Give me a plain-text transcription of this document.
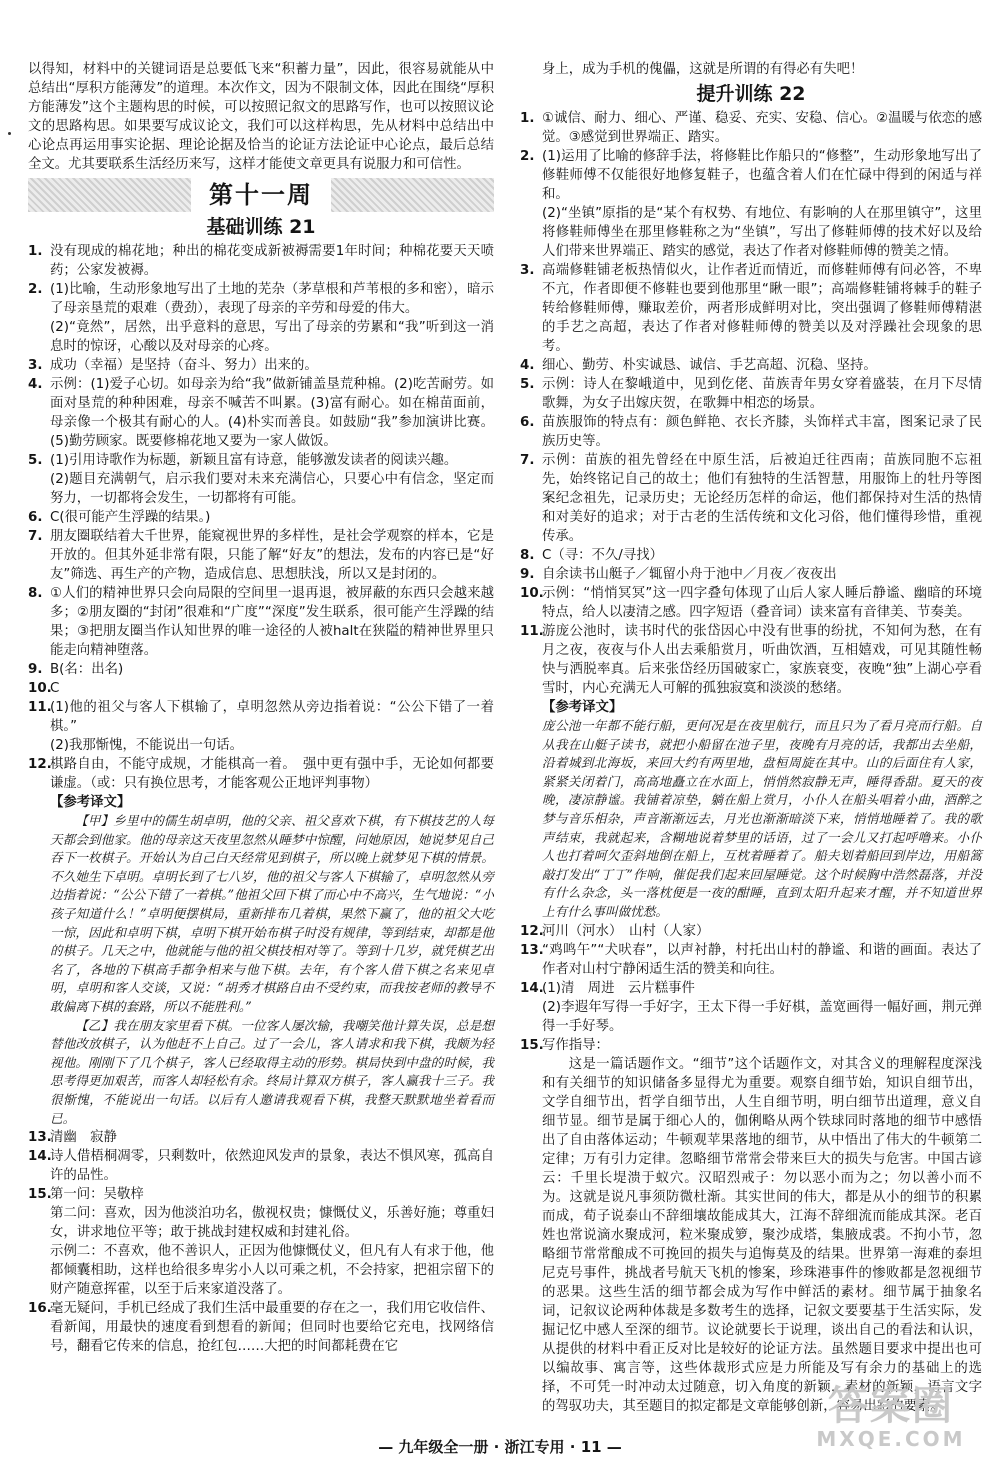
以得知，材料中的关键词语是总要低飞来“积蓄力量”，因此，很容易就能从中总结出“厚积方能薄发”的道理。本次作文，因为不限制文体，因此在围绕“厚积方能薄发”这个主题构思的时候，可以按照记叙文的思路写作，也可以按照议论文的思路构思。如果要写成议论文，我们可以这样构思，先从材料中总结出中心论点再运用事实论据、理论论据及恰当的论证方法论证中心论点，最后总结全文。尤其要联系生活经历来写，这样才能使文章更具有说服力和可信性。

第十一周
基础训练 21

1. 没有现成的棉花地；种出的棉花变成新被褥需要1年时间；种棉花要天天喷药；公家发被褥。

2. (1)比喻，生动形象地写出了土地的芜杂（茅草根和芦苇根的多和密），暗示了母亲垦荒的艰难（费劲），表现了母亲的辛劳和母爱的伟大。

(2)“竟然”，居然，出乎意料的意思，写出了母亲的劳累和“我”听到这一消息时的惊讶，心酸以及对母亲的心疼。

3. 成功（幸福）是坚持（奋斗、努力）出来的。

4. 示例：(1)爱子心切。如母亲为给“我”做新铺盖垦荒种棉。(2)吃苦耐劳。如面对垦荒的种种困难，母亲不喊苦不叫累。(3)富有耐心。如在棉苗面前，母亲像一个极其有耐心的人。(4)朴实而善良。如鼓励“我”参加演讲比赛。(5)勤劳顾家。既要修棉花地又要为一家人做饭。

5. (1)引用诗歌作为标题，新颖且富有诗意，能够激发读者的阅读兴趣。

(2)题目充满朝气，启示我们要对未来充满信心，只要心中有信念，坚定而努力，一切都将会发生，一切都将有可能。

6. C(很可能产生浮躁的结果。)

7. 朋友圈联结着大千世界，能窥视世界的多样性，是社会学观察的样本，它是开放的。但其外延非常有限，只能了解“好友”的想法，发布的内容已是“好友”筛选、再生产的产物，造成信息、思想肤浅，所以又是封闭的。

8. ①人们的精神世界只会向局限的空间里一退再退，被屏蔽的东西只会越来越多；②朋友圈的“封闭”很难和“广度”“深度”发生联系，很可能产生浮躁的结果；③把朋友圈当作认知世界的唯一途径的人被halt在狭隘的精神世界里只能走向精神堕落。

9. B(名：出名)

10.
C

11.
(1)他的祖父与客人下棋输了，卓明忽然从旁边指着说：“公公下错了一着棋。”

(2)我那惭愧，不能说出一句话。

12.
棋路自由，不能守成规，才能棋高一着。　强中更有强中手，无论如何都要谦虚。（或：只有换位思考，才能客观公正地评判事物）

【参考译文】

【甲】乡里中的儒生胡卓明，他的父亲、祖父喜欢下棋，有下棋技艺的人每天都会到他家。他的母亲这天夜里忽然从睡梦中惊醒，问她原因，她说梦见自己吞下一枚棋子。开始认为自己白天经常见到棋子，所以晚上就梦见下棋的情景。不久她生下卓明。卓明长到了七八岁，他的祖父与客人下棋输了，卓明忽然从旁边指着说：“公公下错了一着棋。”他祖父回下棋了而心中不高兴，生气地说：“小孩子知道什么！”卓明便摆棋局，重新排布几着棋，果然下赢了，他的祖父大吃一惊，因此和卓明下棋，卓明下棋开始布棋子时没有规律，等到结束，却都是他的棋子。几天之中，他就能与他的祖父棋技相对等了。等到十几岁，就凭棋艺出名了，各地的下棋高手都争相来与他下棋。去年，有个客人借下棋之名来见卓明，卓明和客人交谈，又说：“胡秀才棋路自由不受约束，而我按老师的教导不敢偏离下棋的套路，所以不能胜利。”

【乙】我在朋友家里看下棋。一位客人屡次输，我嘲笑他计算失误，总是想替他改放棋子，认为他赶不上自己。过了一会儿，客人请求和我下棋，我颇为轻视他。刚刚下了几个棋子，客人已经取得主动的形势。棋局快到中盘的时候，我思考得更加艰苦，而客人却轻松有余。终局计算双方棋子，客人赢我十三子。我很惭愧，不能说出一句话。以后有人邀请我观看下棋，我整天默默地坐着看而已。

13.
清幽　寂静

14.
诗人借梧桐凋零，只剩数叶，依然迎风发声的景象，表达不惧风寒，孤高自许的品性。

15.
第一问：吴敬梓

第二问：喜欢，因为他淡泊功名，傲视权贵；慷慨仗义，乐善好施；尊重妇女，讲求地位平等；敢于挑战封建权威和封建礼俗。

示例二：不喜欢，他不善识人，正因为他慷慨仗义，但凡有人有求于他，他都倾囊相助，这样也给很多卑劣小人以可乘之机，不会持家，把祖宗留下的财产随意挥霍，以至于后来家道没落了。

16.
毫无疑问，手机已经成了我们生活中最重要的存在之一，我们用它收信件、看新闻，用最快的速度看到想看的新闻；但同时也要给它充电，找网络信号，翻看它传来的信息，抢红包……大把的时间都耗费在它

身上，成为手机的傀儡，这就是所谓的有得必有失吧！

提升训练 22

1. ①诚信、耐力、细心、严谨、稳妥、充实、安稳、信心。②温暖与依恋的感觉。③感觉到世界端正、踏实。

2. (1)运用了比喻的修辞手法，将修鞋比作船只的“修整”，生动形象地写出了修鞋师傅不仅能很好地修复鞋子，也蕴含着人们在忙碌中得到的闲适与祥和。

(2)“坐镇”原指的是“某个有权势、有地位、有影响的人在那里镇守”，这里将修鞋师傅坐在那里修鞋称之为“坐镇”，写出了修鞋师傅的技术好以及给人们带来世界端正、踏实的感觉，表达了作者对修鞋师傅的赞美之情。

3. 高端修鞋铺老板热情似火，让作者近而情近，而修鞋师傅有问必答，不卑不亢，作者即便不修鞋也要到他那里“瞅一眼”；高端修鞋铺将棘手的鞋子转给修鞋师傅，赚取差价，两者形成鲜明对比，突出强调了修鞋师傅精湛的手艺之高超，表达了作者对修鞋师傅的赞美以及对浮躁社会现象的思考。

4. 细心、勤劳、朴实诚恳、诚信、手艺高超、沉稳、坚持。

5. 示例：诗人在黎峨道中，见到仡佬、苗族青年男女穿着盛装，在月下尽情歌舞，为女子出嫁庆贺，在歌舞中相恋的场景。

6. 苗族服饰的特点有：颜色鲜艳、衣长齐膝，头饰样式丰富，图案记录了民族历史等。

7. 示例：苗族的祖先曾经在中原生活，后被迫迁往西南；苗族同胞不忘祖先，始终铭记自己的故土；他们有独特的生活智慧，用服饰上的牡丹等图案纪念祖先，记录历史；无论经历怎样的命运，他们都保持对生活的热情和对美好的追求；对于古老的生活传统和文化习俗，他们懂得珍惜，重视传承。

8. C（寻：不久/寻找）

9. 自余读书山艇子／辄留小舟于池中／月夜／夜夜出

10.
示例：“悄悄冥冥”这一四字叠句体现了山后人家人睡后静谧、幽暗的环境特点，给人以凄清之感。四字短语（叠音词）读来富有音律美、节奏美。

11.
游庞公池时，读书时代的张岱因心中没有世事的纷扰，不知何为愁，在有月之夜，夜夜与仆人出去乘船赏月，听曲饮酒，互相嬉戏，可见其随性畅快与洒脱率真。后来张岱经历国破家亡，家族衰变，夜晚“独”上湖心亭看雪时，内心充满无人可解的孤独寂寞和淡淡的愁绪。

【参考译文】

庞公池一年都不能行船，更何况是在夜里航行，而且只为了看月亮而行船。自从我在山艇子读书，就把小船留在池子里，夜晚有月亮的话，我都出去坐船，沿着城到北海坂，来回大约有两里地，盘桓周旋在其中。山的后面住有人家，紧紧关闭着门，高高地矗立在水面上，悄悄然寂静无声，睡得香甜。夏天的夜晚，凄凉静谧。我铺着凉垫，躺在船上赏月，小仆人在船头唱着小曲，酒醉之梦与音乐相杂，声音渐渐远去，月光也渐渐暗淡下来，悄悄地睡着了。我的歌声结束，我就起来，含糊地说着梦里的话语，过了一会儿又打起呼噜来。小仆人也打着呵欠歪斜地倒在船上，互枕着睡着了。船夫划着船回到岸边，用船篙敲打发出“丁丁”作响，催促我们起来回屋睡觉。这个时候胸中浩然磊落，并没有什么杂念，头一落枕便是一夜的酣睡，直到太阳升起来才醒，并不知道世界上有什么事叫做忧愁。

12.
河川（河水）　山村（人家）

13.
“鸡鸣午”“犬吠春”，以声衬静，村托出山村的静谧、和谐的画面。表达了作者对山村宁静闲适生活的赞美和向往。

14.
(1)清　周进　云片糕事件

(2)李遐年写得一手好字，王太下得一手好棋，盖宽画得一幅好画，荆元弹得一手好琴。

15.
写作指导：

这是一篇话题作文。“细节”这个话题作文，对其含义的理解程度深浅和有关细节的知识储备多显得尤为重要。观察自细节始，知识自细节出，文学自细节出，哲学自细节出，人生自细节明，明白细节出道理，意义自细节显。细节是属于细心人的，伽俐略从两个铁球同时落地的细节中感悟出了自由落体运动；牛顿观苹果落地的细节，从中悟出了伟大的牛顿第二定律；万有引力定律。忽略细节常常会带来巨大的损失与危害。中国古谚云：千里长堤溃于蚁穴。汉昭烈戒子：勿以恶小而为之；勿以善小而不为。这就是说凡事须防微杜渐。其实世间的伟大，都是从小的细节的积累而成，荀子说泰山不辞细壤故能成其大，江海不辞细流而能成其深。老百姓也常说滴水聚成河，粒米聚成箩，聚沙成塔，集腋成裘。不拘小节，忽略细节常常酿成不可挽回的损失与追悔莫及的结果。世界第一海难的泰坦尼克号事件，挑战者号航天飞机的惨案，珍珠港事件的惨败都是忽视细节的恶果。这些生活的细节都会成为写作中鲜活的素材。细节属于抽象名词，记叙议论两种体裁是多数考生的选择，记叙文要要基于生活实际，发掘记忆中感人至深的细节。议论就要长于说理，谈出自己的看法和认识，从提供的材料中看正反对比是较好的论证方法。虽然题目要求中提出也可以编故事、寓言等，这些体裁形式应是力所能及写有余力的基础上的选择，不可凭一时冲动太过随意，切入角度的新颖，素材的新颖，语言文字的驾驭功夫，其至题目的拟定都是文章能够创新，容易出彩的要素。

— 九年级全一册 · 浙江专用 · 11 —
答案圈
MXQE.COM
